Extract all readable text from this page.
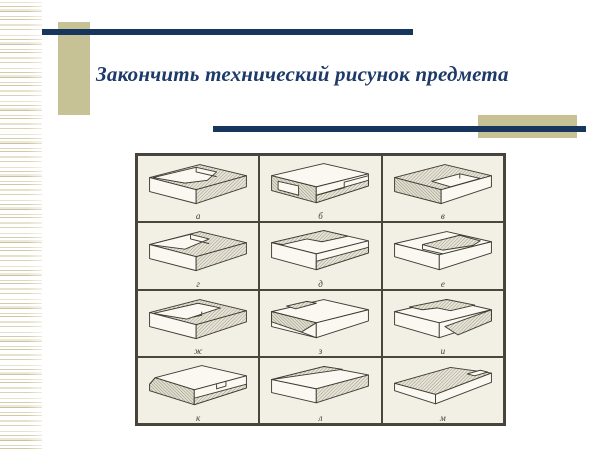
Закончить технический рисунок предмета
а	б	в
г	д	е
ж	з	и
к	л	м
